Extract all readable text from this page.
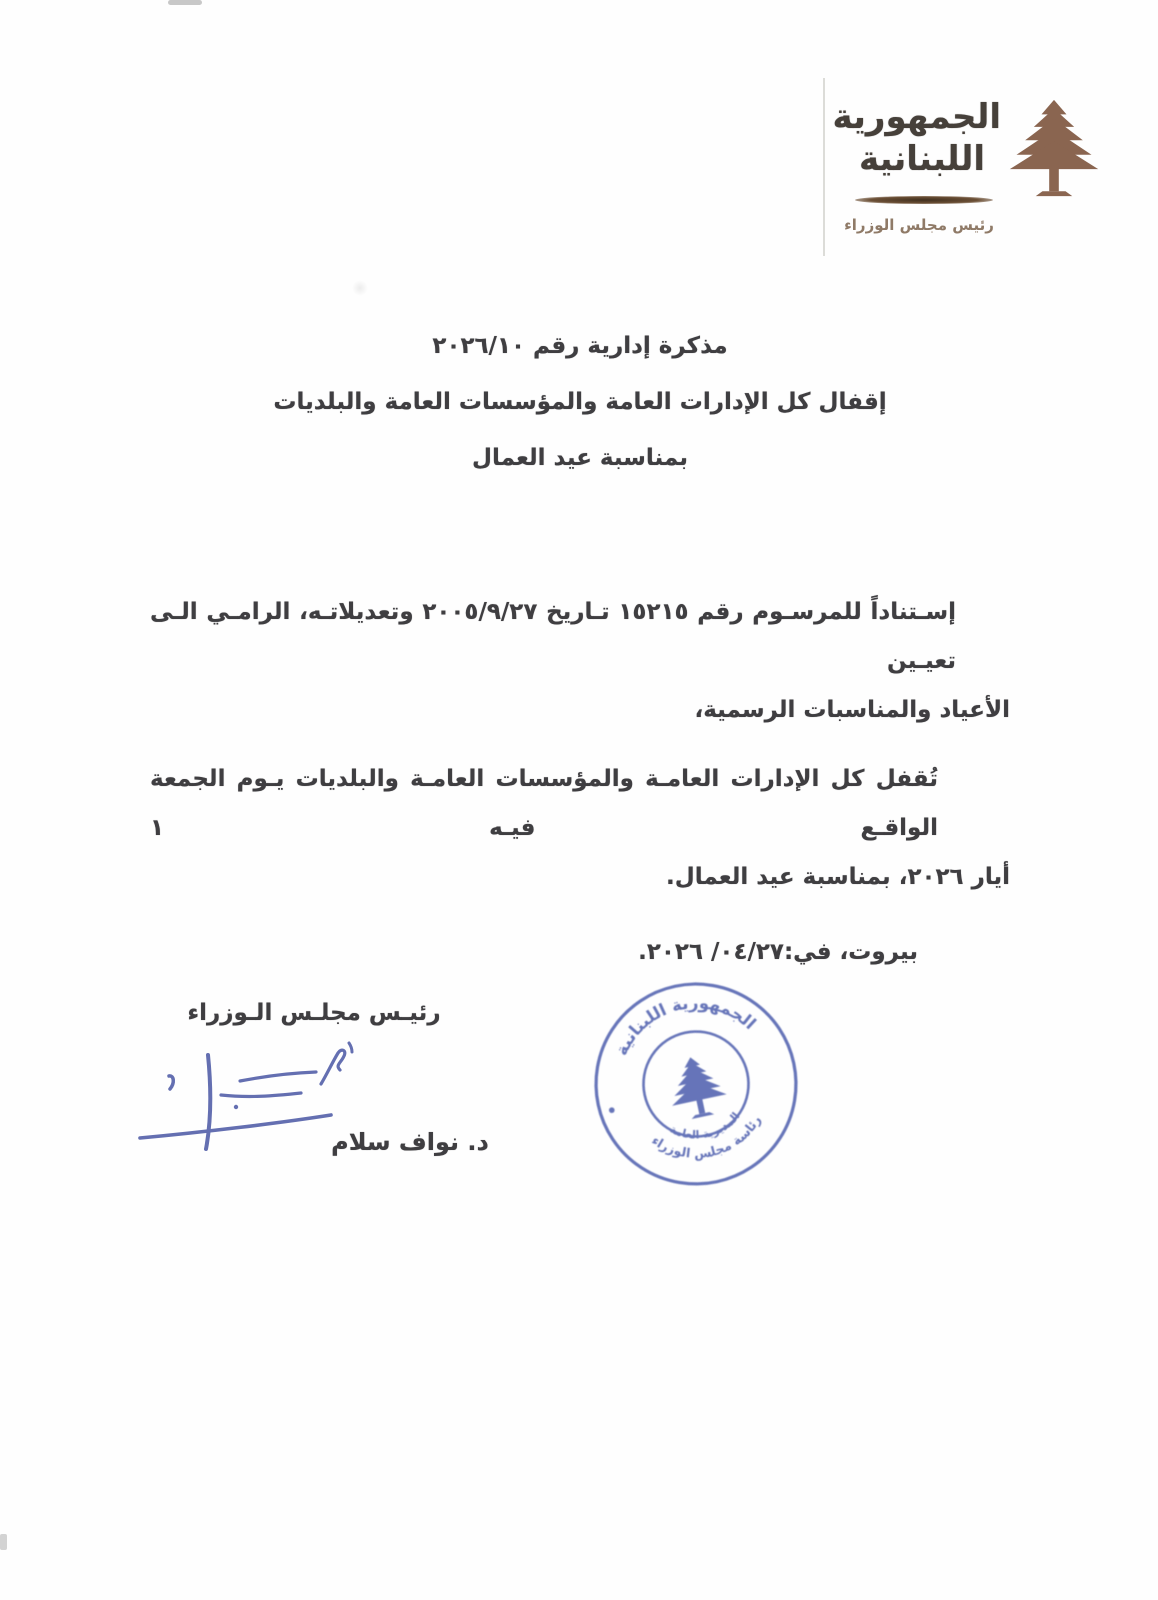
الجمهورية
اللبنانية
رئيس مجلس الوزراء
مذكرة إدارية رقم ٢٠٢٦/١٠
إقفال كل الإدارات العامة والمؤسسات العامة والبلديات
بمناسبة عيد العمال
إسـتناداً للمرسـوم رقم ١٥٢١٥ تـاريخ ٢٠٠٥/٩/٢٧ وتعديلاتـه، الرامـي الـى تعيـين
الأعياد والمناسبات الرسمية،
تُقفل كل الإدارات العامـة والمؤسسات العامـة والبلديات يـوم الجمعة الواقـع فيـه ١
أيار ٢٠٢٦، بمناسبة عيد العمال.
بيروت، في:٠٤/٢٧/ ٢٠٢٦.
رئيـس مجلـس الـوزراء
د. نواف سلام
الجمهورية اللبنانية
رئاسة مجلس الوزراء
المديرية العامة
